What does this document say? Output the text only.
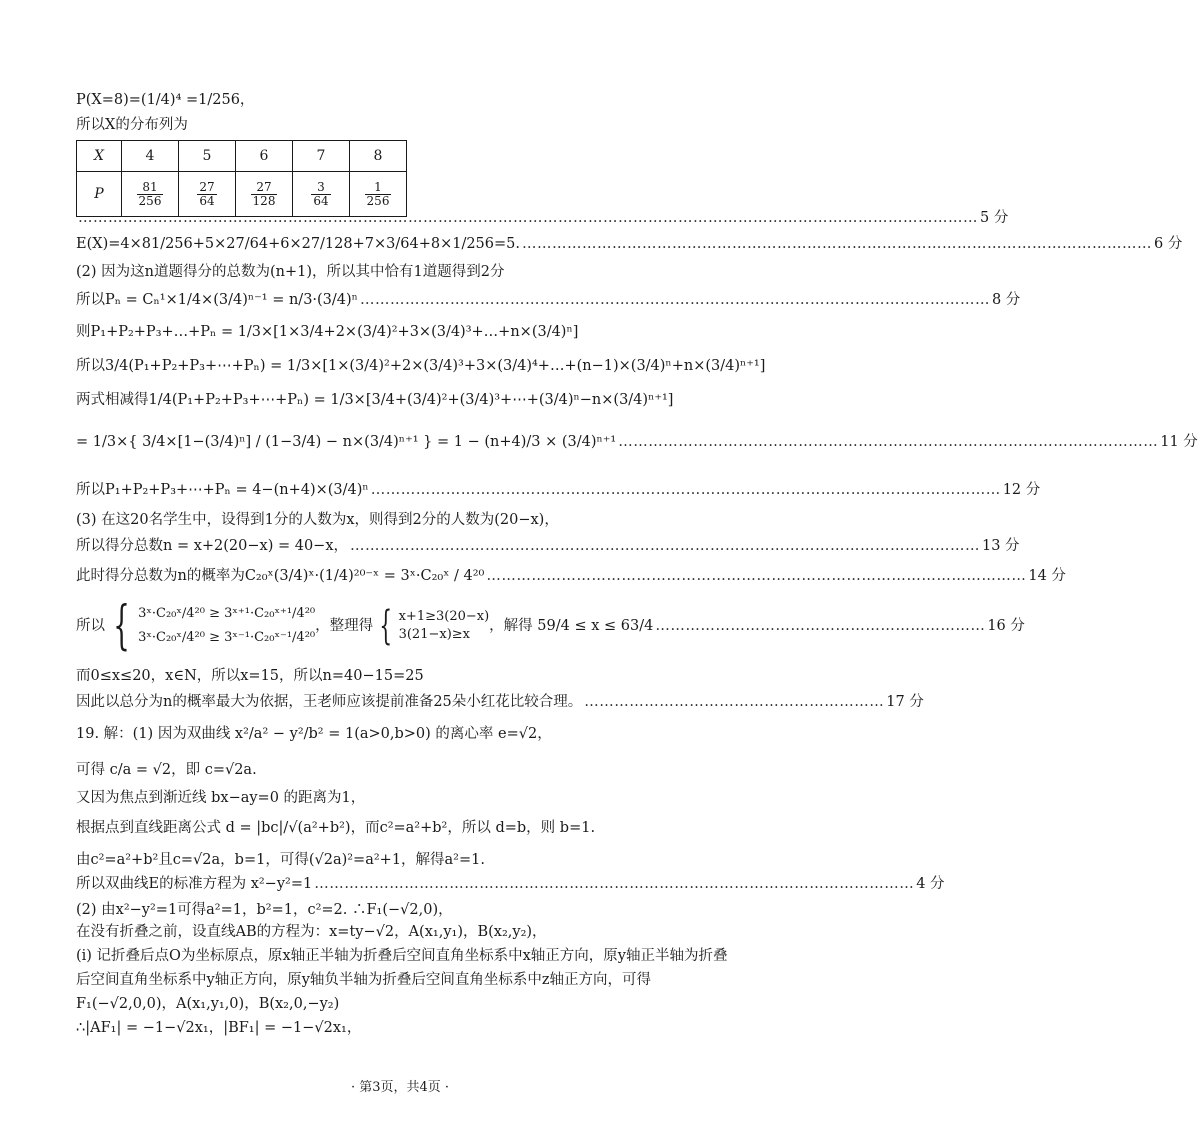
P(X=8)=(1/4)⁴ =1/256，
所以X的分布列为
X	4	5	6	7	8
P	$\frac{81}{256}$	$\frac{27}{64}$	$\frac{27}{128}$	$\frac{3}{64}$	$\frac{1}{256}$
……………………………………………………………………………………………………………………………………………………………… 5 分
E(X)=4×81/256+5×27/64+6×27/128+7×3/64+8×1/256=5. ……………………………………………………………………………………………………………… 6 分
(2) 因为这n道题得分的总数为(n+1)，所以其中恰有1道题得到2分
所以Pₙ = Cₙ¹×1/4×(3/4)ⁿ⁻¹ = n/3·(3/4)ⁿ ……………………………………………………………………………………………………………… 8 分
则P₁+P₂+P₃+…+Pₙ = 1/3×[1×3/4+2×(3/4)²+3×(3/4)³+…+n×(3/4)ⁿ]
所以3/4(P₁+P₂+P₃+⋯+Pₙ) = 1/3×[1×(3/4)²+2×(3/4)³+3×(3/4)⁴+…+(n−1)×(3/4)ⁿ+n×(3/4)ⁿ⁺¹]
两式相减得1/4(P₁+P₂+P₃+⋯+Pₙ) = 1/3×[3/4+(3/4)²+(3/4)³+⋯+(3/4)ⁿ−n×(3/4)ⁿ⁺¹]
= 1/3×{ 3/4×[1−(3/4)ⁿ] / (1−3/4) − n×(3/4)ⁿ⁺¹ } = 1 − (n+4)/3 × (3/4)ⁿ⁺¹ ……………………………………………………………………………………………… 11 分
所以P₁+P₂+P₃+⋯+Pₙ = 4−(n+4)×(3/4)ⁿ ……………………………………………………………………………………………………………… 12 分
(3) 在这20名学生中，设得到1分的人数为x，则得到2分的人数为(20−x)，
所以得分总数n = x+2(20−x) = 40−x， ……………………………………………………………………………………………………………… 13 分
此时得分总数为n的概率为C₂₀ˣ(3/4)ˣ·(1/4)²⁰⁻ˣ = 3ˣ·C₂₀ˣ / 4²⁰ ……………………………………………………………………………………………… 14 分
所以 { 3ˣ·C₂₀ˣ/4²⁰ ≥ 3ˣ⁺¹·C₂₀ˣ⁺¹/4²⁰
3ˣ·C₂₀ˣ/4²⁰ ≥ 3ˣ⁻¹·C₂₀ˣ⁻¹/4²⁰
，整理得 { x+1≥3(20−x)
3(21−x)≥x
，解得 59/4 ≤ x ≤ 63/4 ………………………………………………………… 16 分
而0≤x≤20，x∈N，所以x=15，所以n=40−15=25
因此以总分为n的概率最大为依据，王老师应该提前准备25朵小红花比较合理。 …………………………………………………… 17 分
19. 解：(1) 因为双曲线 x²/a² − y²/b² = 1(a>0,b>0) 的离心率 e=√2，
可得 c/a = √2，即 c=√2a.
又因为焦点到渐近线 bx−ay=0 的距离为1，
根据点到直线距离公式 d = |bc|/√(a²+b²)，而c²=a²+b²，所以 d=b，则 b=1.
由c²=a²+b²且c=√2a，b=1，可得(√2a)²=a²+1，解得a²=1.
所以双曲线E的标准方程为 x²−y²=1 ………………………………………………………………………………………………………… 4 分
(2) 由x²−y²=1可得a²=1，b²=1，c²=2. ∴F₁(−√2,0)，
在没有折叠之前，设直线AB的方程为：x=ty−√2，A(x₁,y₁)，B(x₂,y₂)，
(i) 记折叠后点O为坐标原点，原x轴正半轴为折叠后空间直角坐标系中x轴正方向，原y轴正半轴为折叠
后空间直角坐标系中y轴正方向，原y轴负半轴为折叠后空间直角坐标系中z轴正方向，可得
F₁(−√2,0,0)，A(x₁,y₁,0)，B(x₂,0,−y₂)
∴|AF₁| = −1−√2x₁，|BF₁| = −1−√2x₁，
· 第3页，共4页 ·
